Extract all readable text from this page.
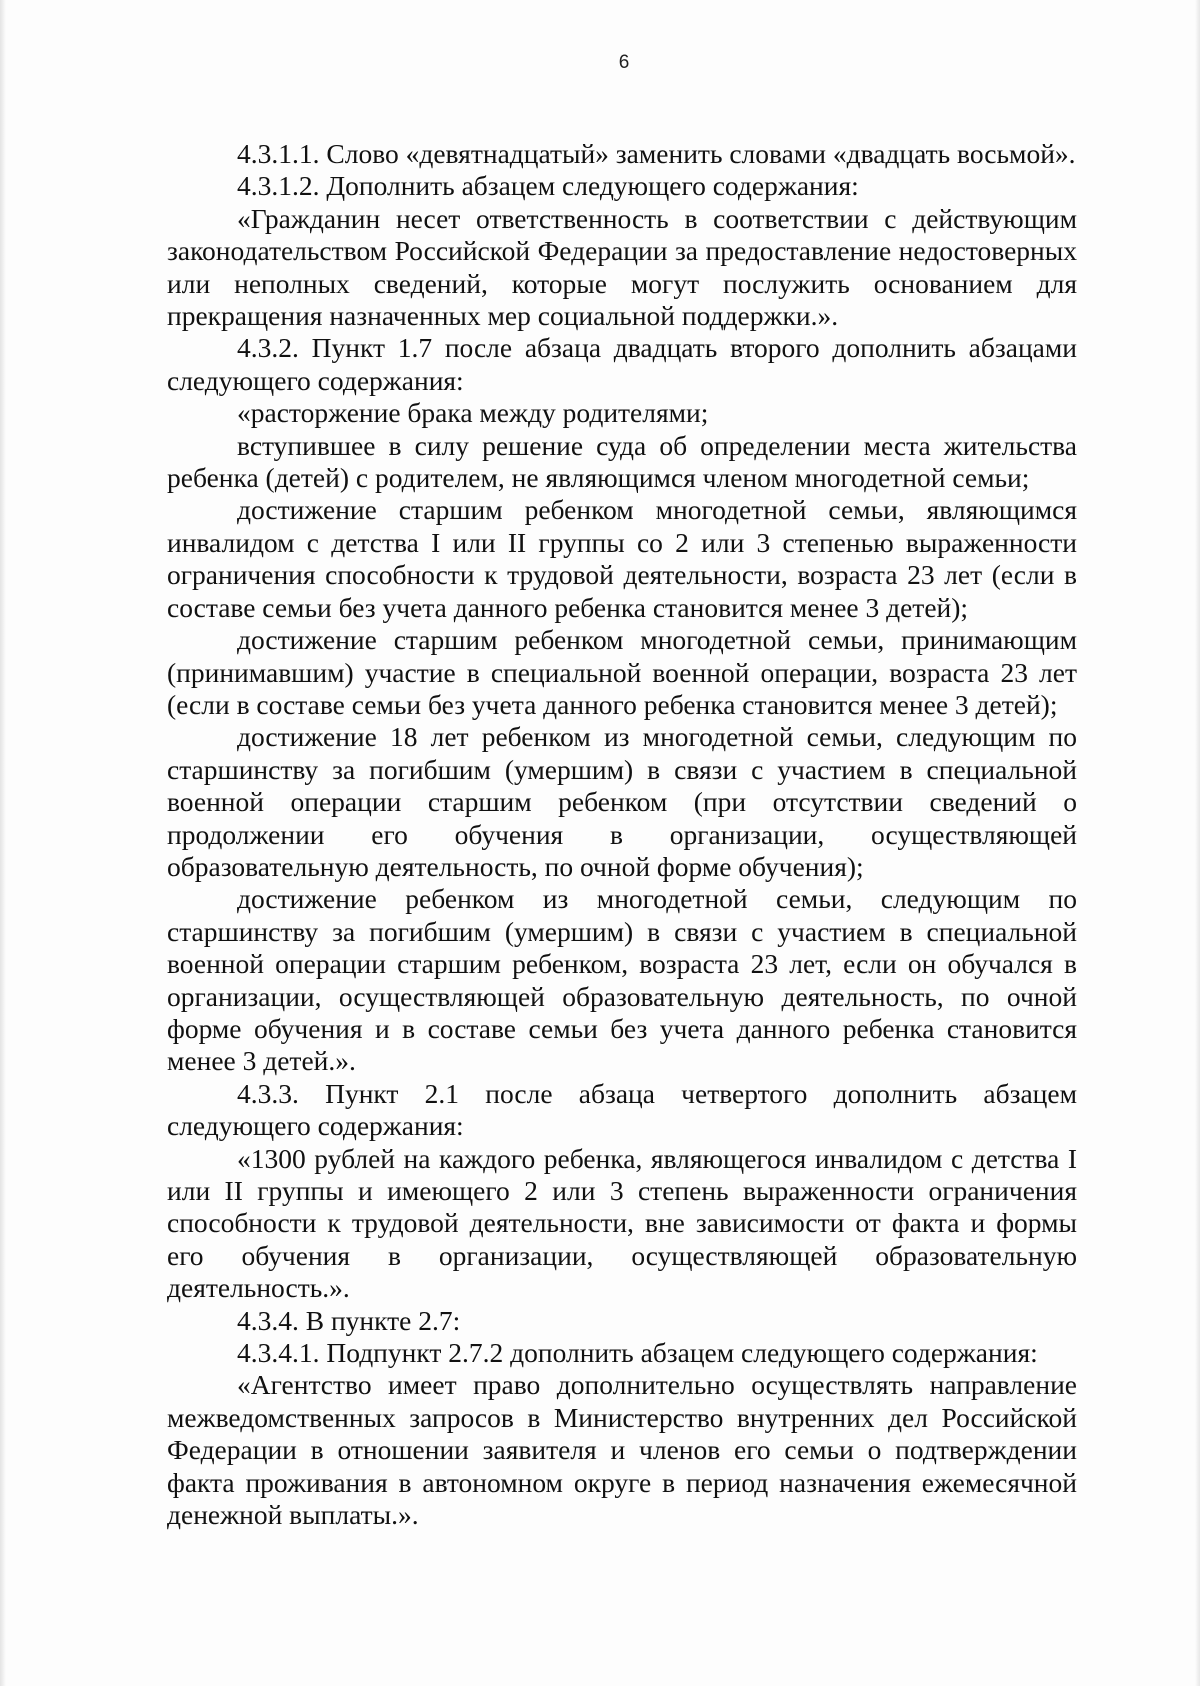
6

4.3.1.1. Слово «девятнадцатый» заменить словами «двадцать восьмой».

4.3.1.2. Дополнить абзацем следующего содержания:

«Гражданин несет ответственность в соответствии с действующим законодательством Российской Федерации за предоставление недостоверных или неполных сведений, которые могут послужить основанием для прекращения назначенных мер социальной поддержки.».

4.3.2. Пункт 1.7 после абзаца двадцать второго дополнить абзацами следующего содержания:

«расторжение брака между родителями;

вступившее в силу решение суда об определении места жительства ребенка (детей) с родителем, не являющимся членом многодетной семьи;

достижение старшим ребенком многодетной семьи, являющимся инвалидом с детства I или II группы со 2 или 3 степенью выраженности ограничения способности к трудовой деятельности, возраста 23 лет (если в составе семьи без учета данного ребенка становится менее 3 детей);

достижение старшим ребенком многодетной семьи, принимающим (принимавшим) участие в специальной военной операции, возраста 23 лет (если в составе семьи без учета данного ребенка становится менее 3 детей);

достижение 18 лет ребенком из многодетной семьи, следующим по старшинству за погибшим (умершим) в связи с участием в специальной военной операции старшим ребенком (при отсутствии сведений о продолжении его обучения в организации, осуществляющей образовательную деятельность, по очной форме обучения);

достижение ребенком из многодетной семьи, следующим по старшинству за погибшим (умершим) в связи с участием в специальной военной операции старшим ребенком, возраста 23 лет, если он обучался в организации, осуществляющей образовательную деятельность, по очной форме обучения и в составе семьи без учета данного ребенка становится менее 3 детей.».

4.3.3. Пункт 2.1 после абзаца четвертого дополнить абзацем следующего содержания:

«1300 рублей на каждого ребенка, являющегося инвалидом с детства I или II группы и имеющего 2 или 3 степень выраженности ограничения способности к трудовой деятельности, вне зависимости от факта и формы его обучения в организации, осуществляющей образовательную деятельность.».

4.3.4. В пункте 2.7:

4.3.4.1. Подпункт 2.7.2 дополнить абзацем следующего содержания:

«Агентство имеет право дополнительно осуществлять направление межведомственных запросов в Министерство внутренних дел Российской Федерации в отношении заявителя и членов его семьи о подтверждении факта проживания в автономном округе в период назначения ежемесячной денежной выплаты.».
